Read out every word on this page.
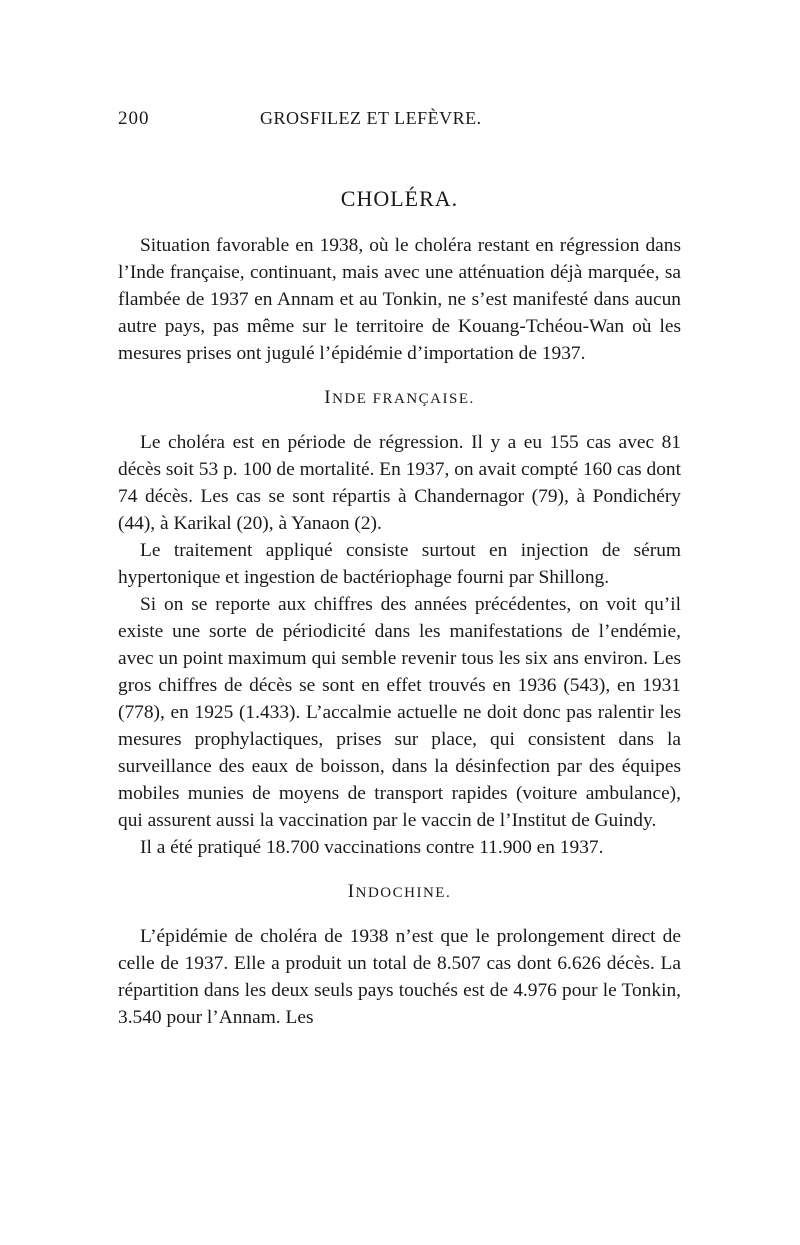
200	GROSFILEZ ET LEFÈVRE.
CHOLÉRA.

Situation favorable en 1938, où le choléra restant en régression dans l’Inde française, continuant, mais avec une atténuation déjà marquée, sa flambée de 1937 en Annam et au Tonkin, ne s’est manifesté dans aucun autre pays, pas même sur le territoire de Kouang-Tchéou-Wan où les mesures prises ont jugulé l’épidémie d’importation de 1937.

INDE FRANÇAISE.

Le choléra est en période de régression. Il y a eu 155 cas avec 81 décès soit 53 p. 100 de mortalité. En 1937, on avait compté 160 cas dont 74 décès. Les cas se sont répartis à Chandernagor (79), à Pondichéry (44), à Karikal (20), à Yanaon (2).

Le traitement appliqué consiste surtout en injection de sérum hypertonique et ingestion de bactériophage fourni par Shillong.

Si on se reporte aux chiffres des années précédentes, on voit qu’il existe une sorte de périodicité dans les manifestations de l’endémie, avec un point maximum qui semble revenir tous les six ans environ. Les gros chiffres de décès se sont en effet trouvés en 1936 (543), en 1931 (778), en 1925 (1.433). L’accalmie actuelle ne doit donc pas ralentir les mesures prophylactiques, prises sur place, qui consistent dans la surveillance des eaux de boisson, dans la désinfection par des équipes mobiles munies de moyens de transport rapides (voiture ambulance), qui assurent aussi la vaccination par le vaccin de l’Institut de Guindy.

Il a été pratiqué 18.700 vaccinations contre 11.900 en 1937.

INDOCHINE.

L’épidémie de choléra de 1938 n’est que le prolongement direct de celle de 1937. Elle a produit un total de 8.507 cas dont 6.626 décès. La répartition dans les deux seuls pays touchés est de 4.976 pour le Tonkin, 3.540 pour l’Annam. Les
